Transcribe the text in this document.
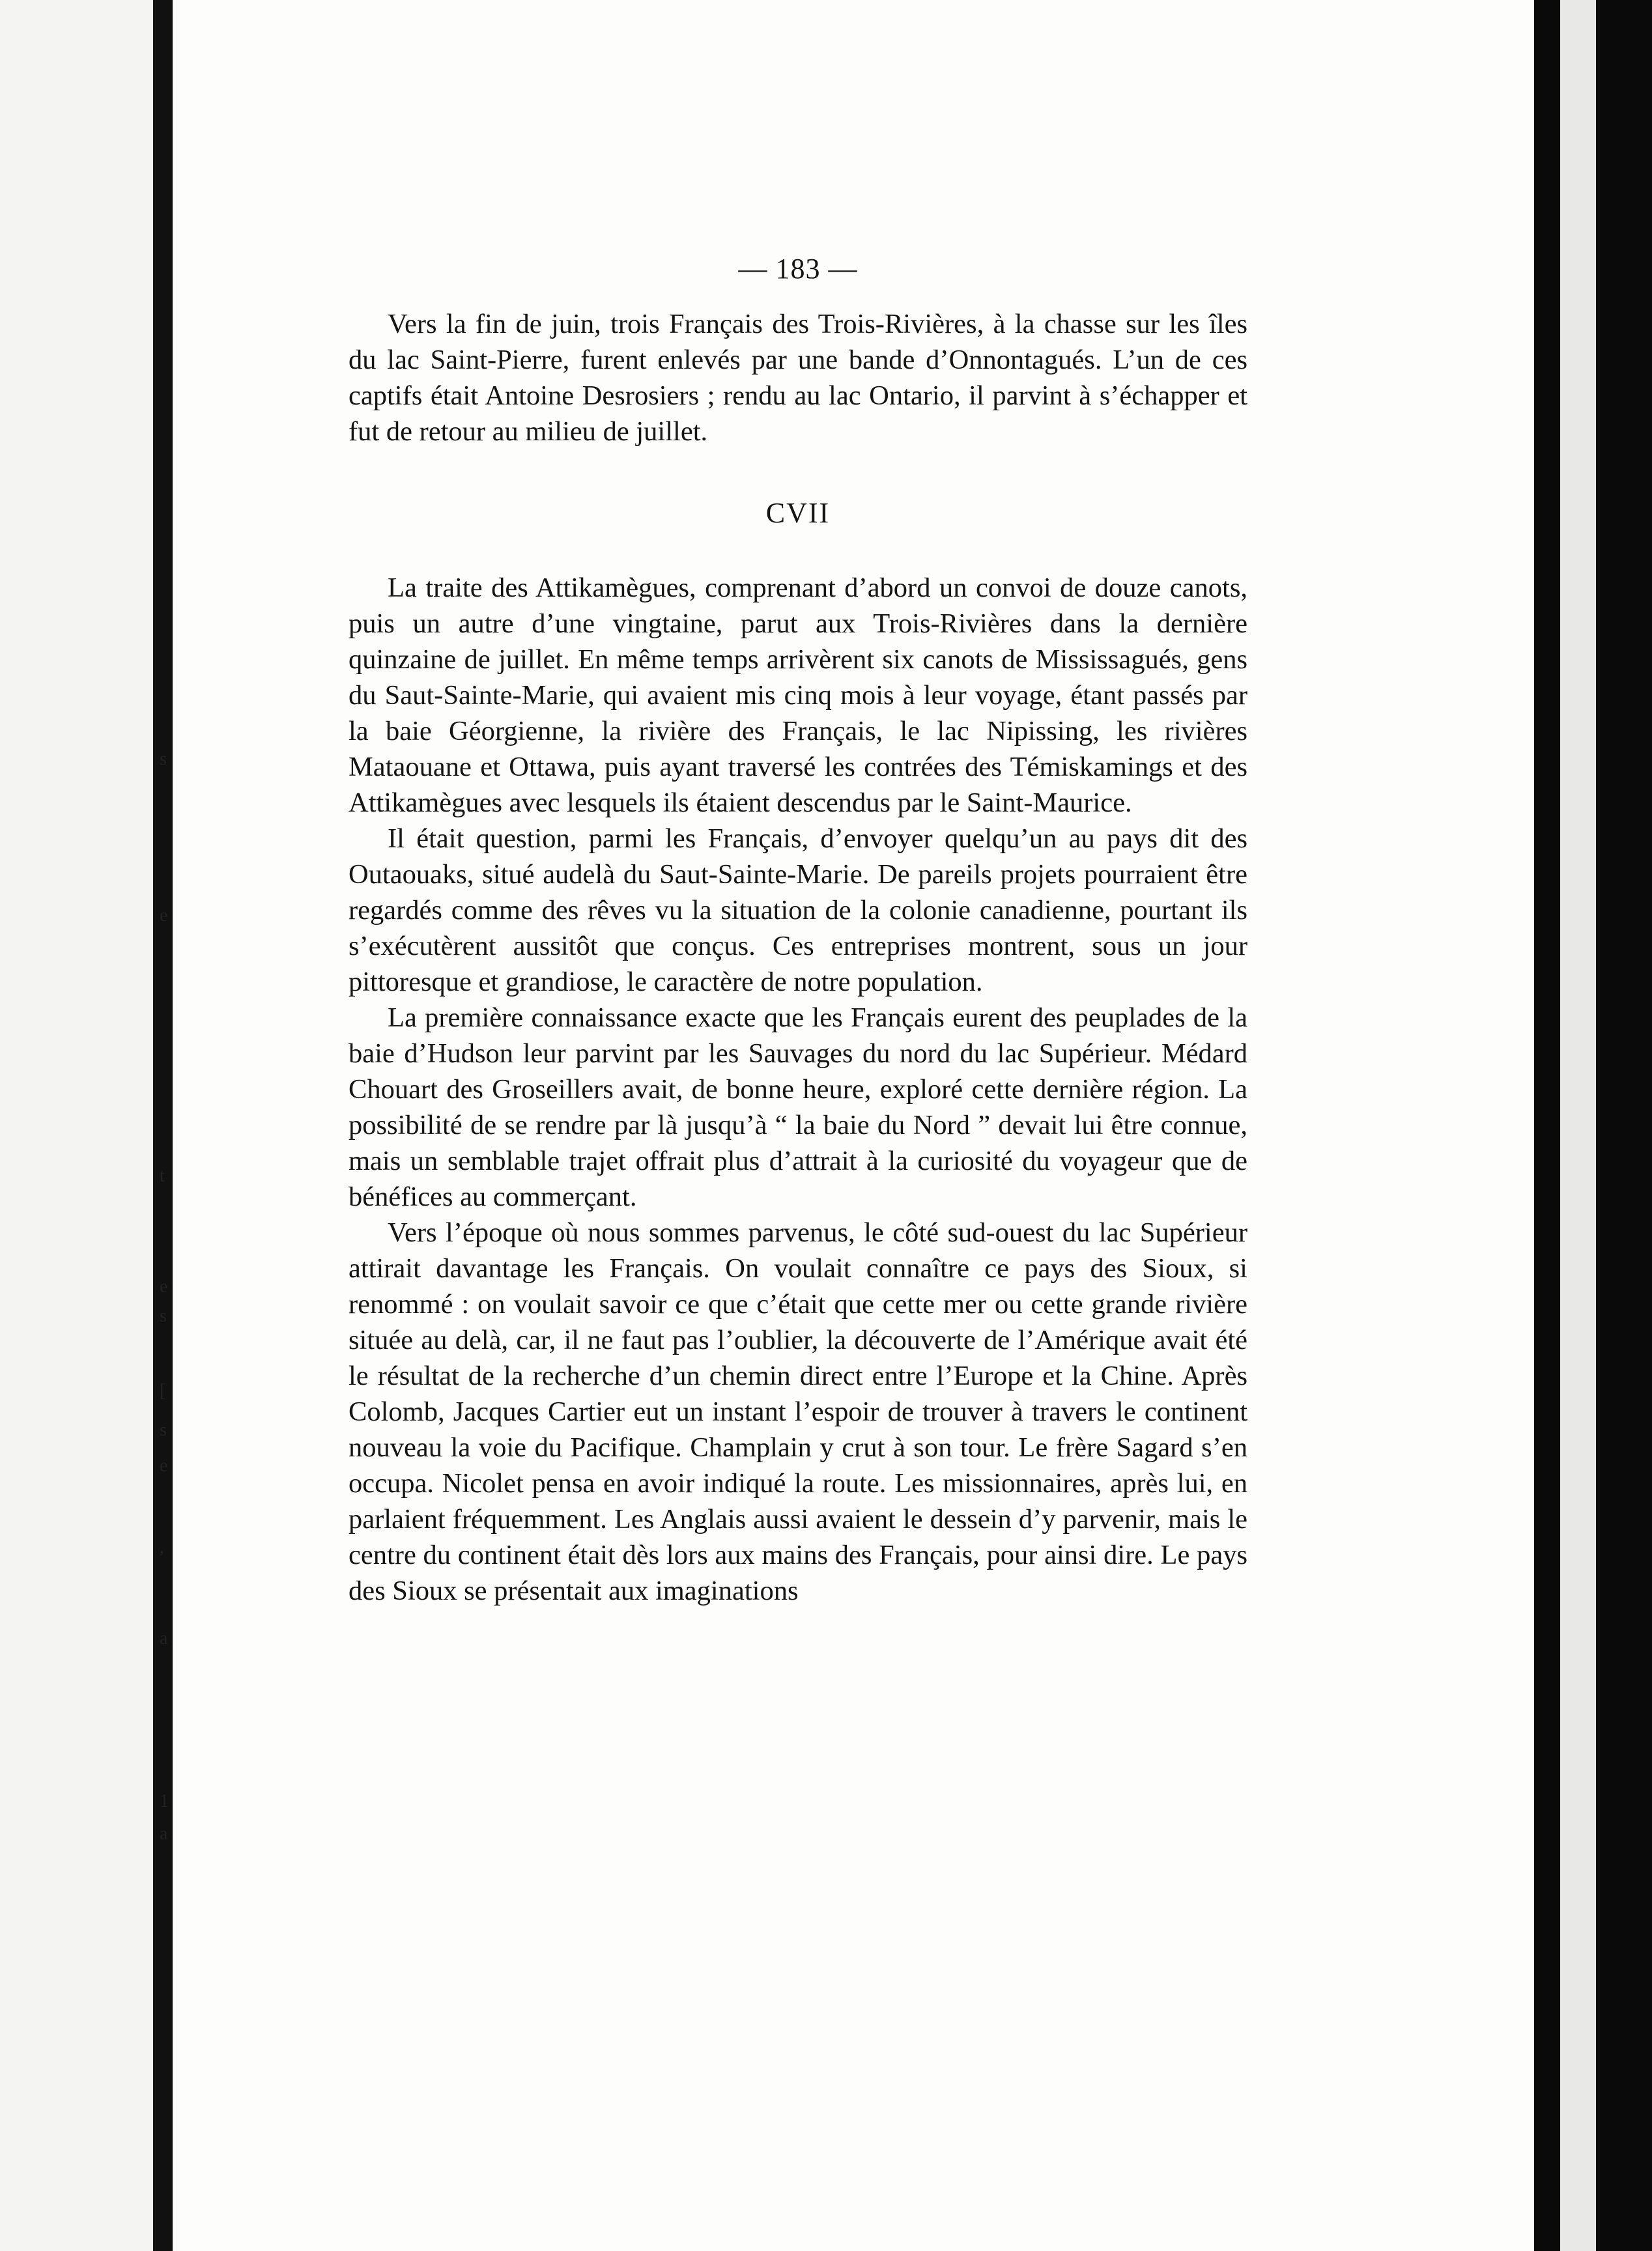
s
e
t
e
s
[
s
e
,
a
1
a
— 183 —

Vers la fin de juin, trois Français des Trois-Rivières, à la chasse sur les îles du lac Saint-Pierre, furent enlevés par une bande d’Onnontagués. L’un de ces captifs était Antoine Desrosiers ; rendu au lac Ontario, il parvint à s’échapper et fut de retour au milieu de juillet.

CVII

La traite des Attikamègues, comprenant d’abord un convoi de douze canots, puis un autre d’une vingtaine, parut aux Trois-Rivières dans la dernière quinzaine de juillet. En même temps arrivèrent six canots de Mississagués, gens du Saut-Sainte-Marie, qui avaient mis cinq mois à leur voyage, étant passés par la baie Géorgienne, la rivière des Français, le lac Nipissing, les rivières Mataouane et Ottawa, puis ayant traversé les contrées des Témiskamings et des Attikamègues avec lesquels ils étaient descendus par le Saint-Maurice.

Il était question, parmi les Français, d’envoyer quelqu’un au pays dit des Outaouaks, situé audelà du Saut-Sainte-Marie. De pareils projets pourraient être regardés comme des rêves vu la situation de la colonie canadienne, pourtant ils s’exécutèrent aussitôt que conçus. Ces entreprises montrent, sous un jour pittoresque et grandiose, le caractère de notre population.

La première connaissance exacte que les Français eurent des peuplades de la baie d’Hudson leur parvint par les Sauvages du nord du lac Supérieur. Médard Chouart des Groseillers avait, de bonne heure, exploré cette dernière région. La possibilité de se rendre par là jusqu’à “ la baie du Nord ” devait lui être connue, mais un semblable trajet offrait plus d’attrait à la curiosité du voyageur que de bénéfices au commerçant.

Vers l’époque où nous sommes parvenus, le côté sud-ouest du lac Supérieur attirait davantage les Français. On voulait connaître ce pays des Sioux, si renommé : on voulait savoir ce que c’était que cette mer ou cette grande rivière située au delà, car, il ne faut pas l’oublier, la découverte de l’Amérique avait été le résultat de la recherche d’un chemin direct entre l’Europe et la Chine. Après Colomb, Jacques Cartier eut un instant l’espoir de trouver à travers le continent nouveau la voie du Pacifique. Champlain y crut à son tour. Le frère Sagard s’en occupa. Nicolet pensa en avoir indiqué la route. Les missionnaires, après lui, en parlaient fréquemment. Les Anglais aussi avaient le dessein d’y parvenir, mais le centre du continent était dès lors aux mains des Français, pour ainsi dire. Le pays des Sioux se présentait aux imaginations
